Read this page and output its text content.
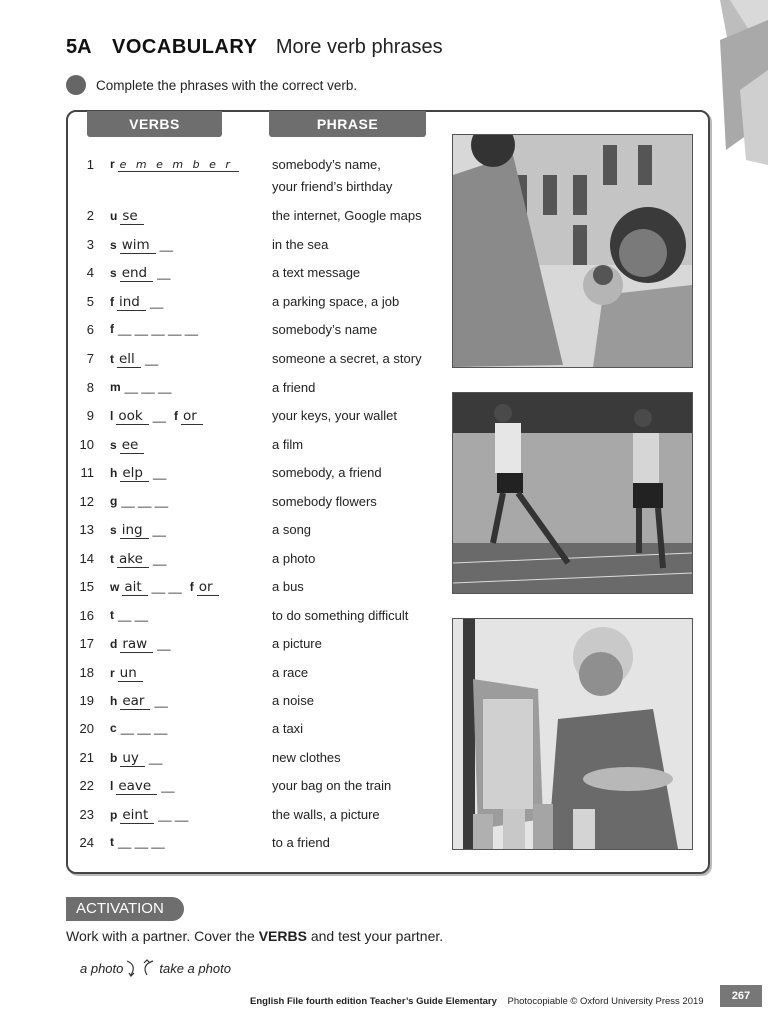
5A VOCABULARY More verb phrases
Complete the phrases with the correct verb.
VERBS	PHRASE
1 r e m e m b e r	somebody’s name,
your friend’s birthday
2 u se	the internet, Google maps
3 s wim __	in the sea
4 s end __	a text message
5 f ind __	a parking space, a job
6 f __ __ __ __ __	somebody’s name
7 t ell __	someone a secret, a story
8 m __ __ __	a friend
9 l ook __ f or	your keys, your wallet
10 s ee	a film
11 h elp __	somebody, a friend
12 g __ __ __	somebody flowers
13 s ing __	a song
14 t ake __	a photo
15 w ait __ __ f or	a bus
16 t __ __	to do something difficult
17 d raw __	a picture
18 r un	a race
19 h ear __	a noise
20 c __ __ __	a taxi
21 b uy __	new clothes
22 l eave __	your bag on the train
23 p eint __ __	the walls, a picture
24 t __ __ __	to a friend
ACTIVATION
Work with a partner. Cover the VERBS and test your partner.
a photo	take a photo
English File fourth edition Teacher’s Guide Elementary Photocopiable © Oxford University Press 2019	267
